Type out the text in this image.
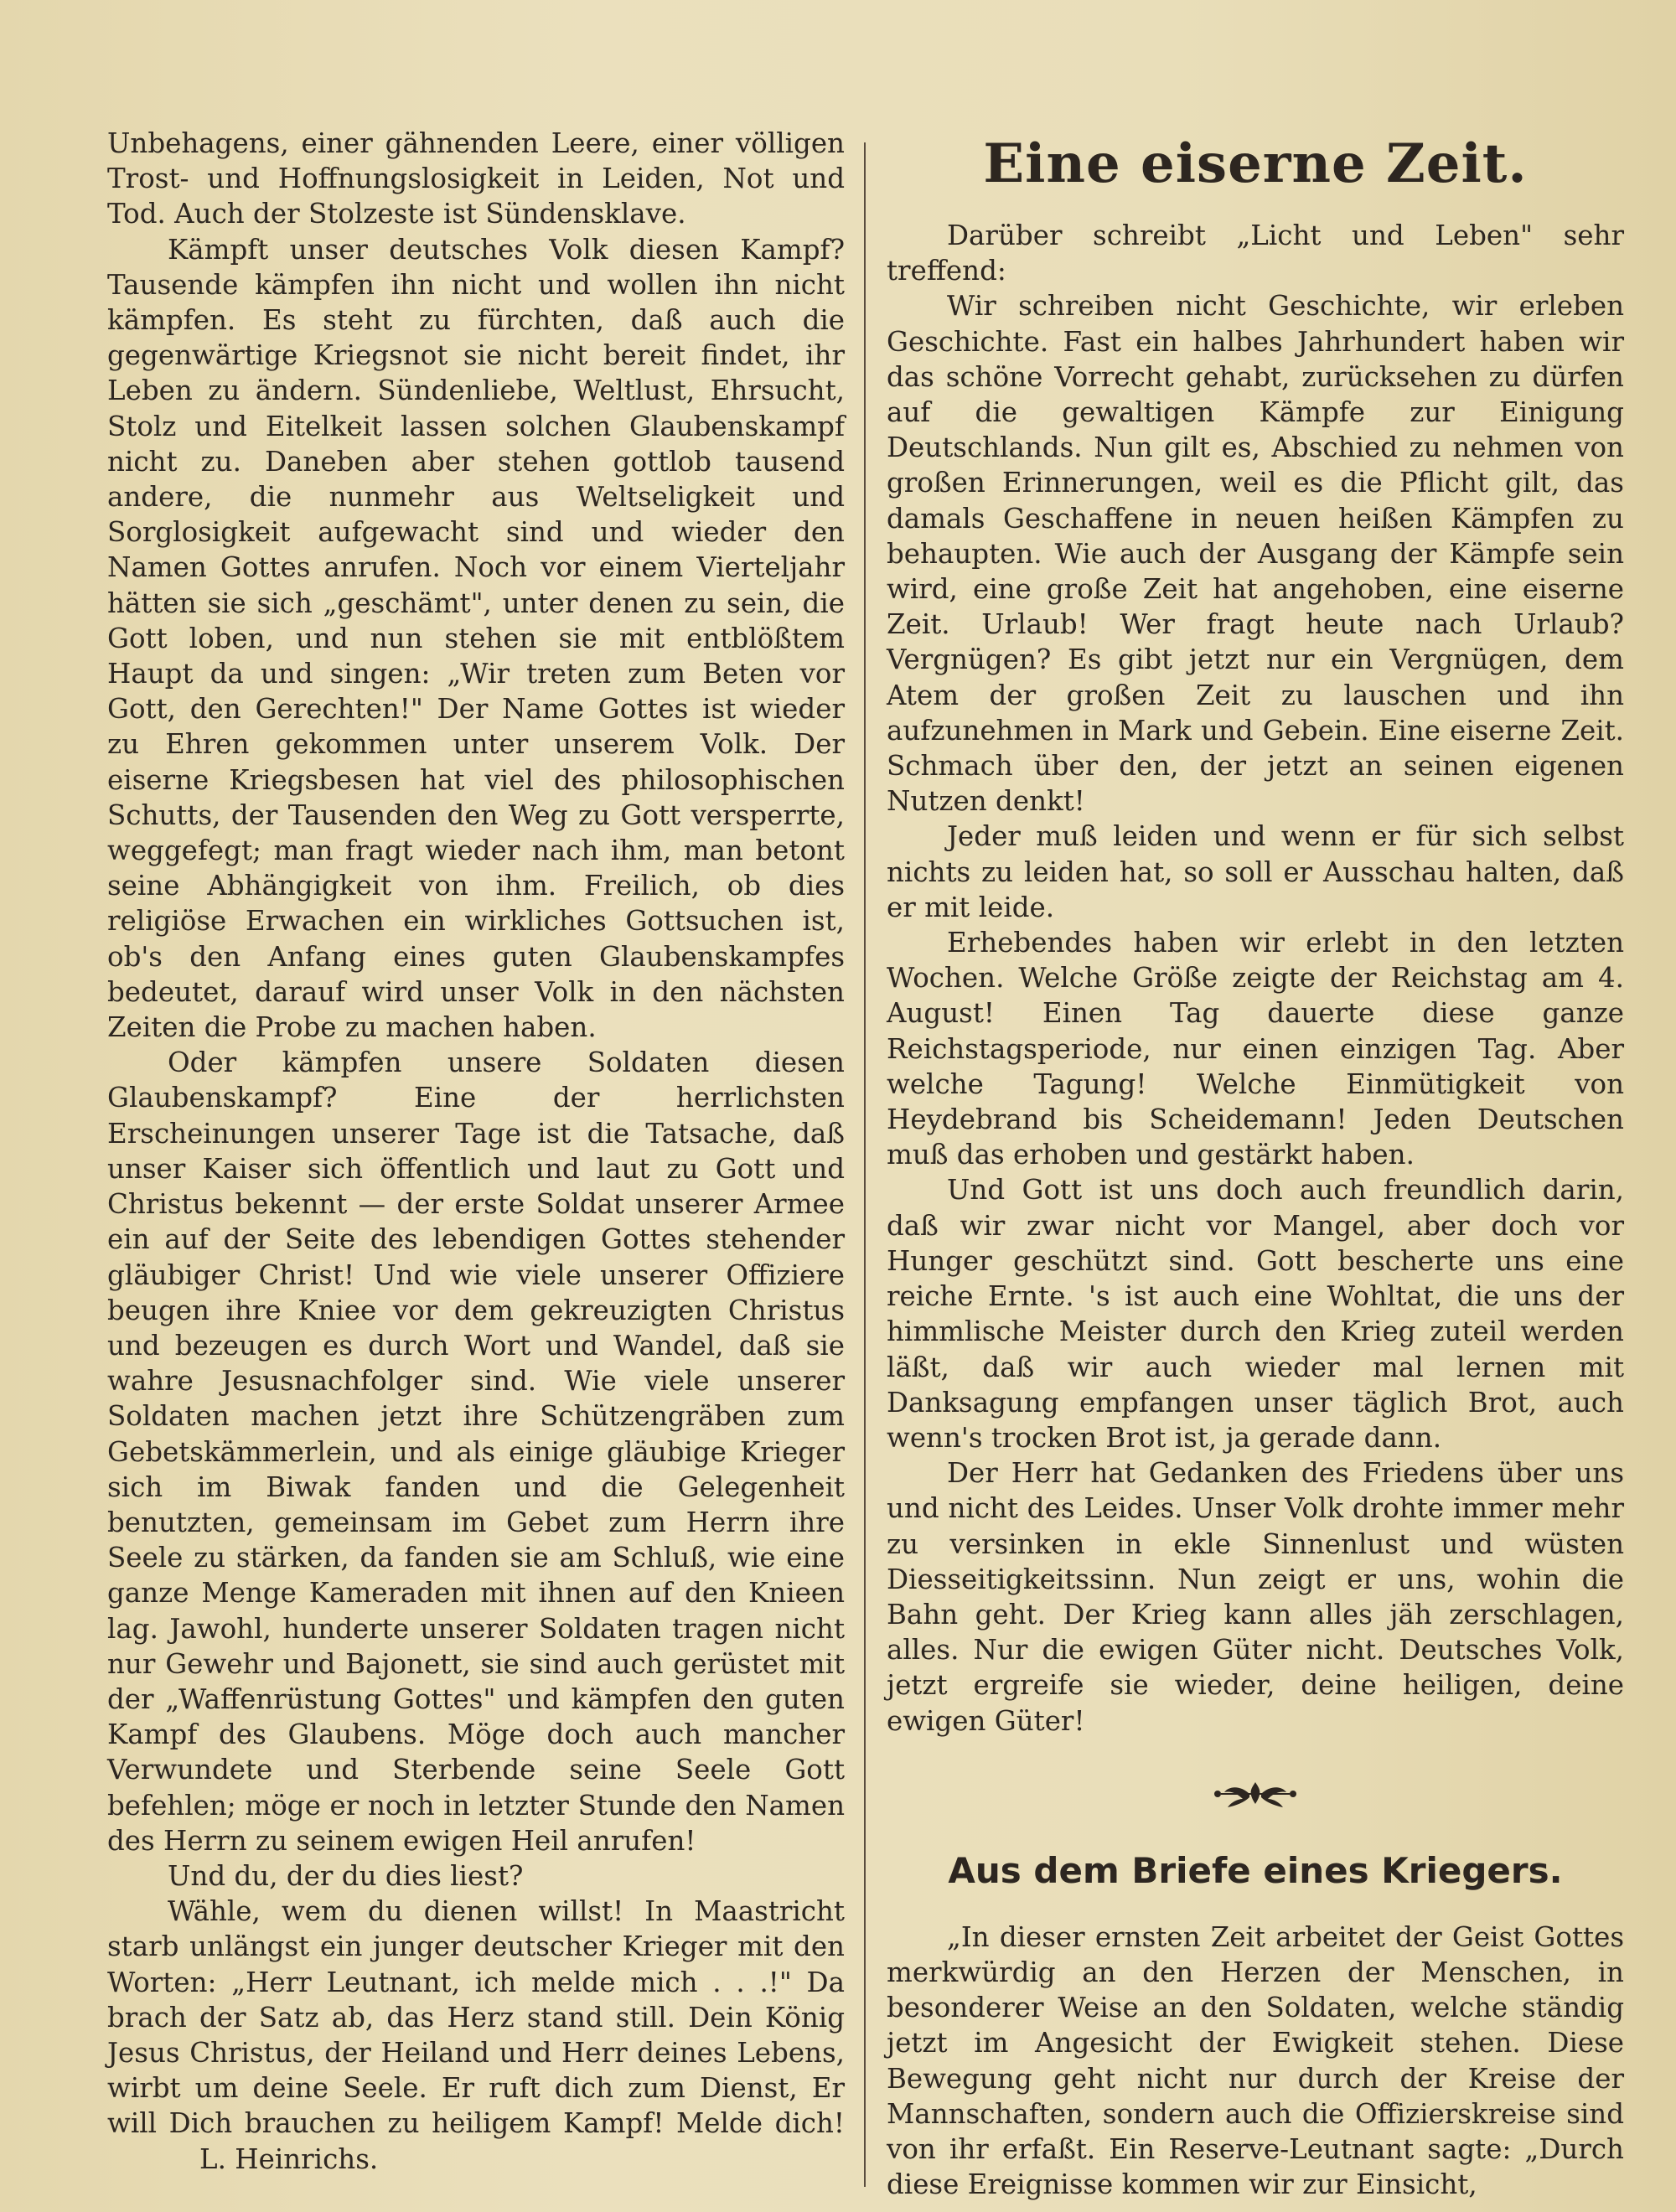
Unbehagens, einer gähnenden Leere, einer völligen Trost- und Hoffnungslosigkeit in Leiden, Not und Tod. Auch der Stolzeste ist Sündensklave.

Kämpft unser deutsches Volk diesen Kampf? Tausende kämpfen ihn nicht und wollen ihn nicht kämpfen. Es steht zu fürchten, daß auch die gegenwärtige Kriegsnot sie nicht bereit findet, ihr Leben zu ändern. Sündenliebe, Weltlust, Ehrsucht, Stolz und Eitelkeit lassen solchen Glaubenskampf nicht zu. Daneben aber stehen gottlob tausend andere, die nunmehr aus Weltseligkeit und Sorglosigkeit aufgewacht sind und wieder den Namen Gottes anrufen. Noch vor einem Vierteljahr hätten sie sich „geschämt", unter denen zu sein, die Gott loben, und nun stehen sie mit entblößtem Haupt da und singen: „Wir treten zum Beten vor Gott, den Gerechten!" Der Name Gottes ist wieder zu Ehren gekommen unter unserem Volk. Der eiserne Kriegsbesen hat viel des philosophischen Schutts, der Tausenden den Weg zu Gott versperrte, weggefegt; man fragt wieder nach ihm, man betont seine Abhängigkeit von ihm. Freilich, ob dies religiöse Erwachen ein wirkliches Gottsuchen ist, ob's den Anfang eines guten Glaubenskampfes bedeutet, darauf wird unser Volk in den nächsten Zeiten die Probe zu machen haben.

Oder kämpfen unsere Soldaten diesen Glaubenskampf? Eine der herrlichsten Erscheinungen unserer Tage ist die Tatsache, daß unser Kaiser sich öffentlich und laut zu Gott und Christus bekennt — der erste Soldat unserer Armee ein auf der Seite des lebendigen Gottes stehender gläubiger Christ! Und wie viele unserer Offiziere beugen ihre Kniee vor dem gekreuzigten Christus und bezeugen es durch Wort und Wandel, daß sie wahre Jesusnachfolger sind. Wie viele unserer Soldaten machen jetzt ihre Schützengräben zum Gebetskämmerlein, und als einige gläubige Krieger sich im Biwak fanden und die Gelegenheit benutzten, gemeinsam im Gebet zum Herrn ihre Seele zu stärken, da fanden sie am Schluß, wie eine ganze Menge Kameraden mit ihnen auf den Knieen lag. Jawohl, hunderte unserer Soldaten tragen nicht nur Gewehr und Bajonett, sie sind auch gerüstet mit der „Waffenrüstung Gottes" und kämpfen den guten Kampf des Glaubens. Möge doch auch mancher Verwundete und Sterbende seine Seele Gott befehlen; möge er noch in letzter Stunde den Namen des Herrn zu seinem ewigen Heil anrufen!

Und du, der du dies liest?

Wähle, wem du dienen willst! In Maastricht starb unlängst ein junger deutscher Krieger mit den Worten: „Herr Leutnant, ich melde mich . . .!" Da brach der Satz ab, das Herz stand still. Dein König Jesus Christus, der Heiland und Herr deines Lebens, wirbt um deine Seele. Er ruft dich zum Dienst, Er will Dich brauchen zu heiligem Kampf! Melde dich!L. Heinrichs.

Eine eiserne Zeit.

Darüber schreibt „Licht und Leben" sehr treffend:

Wir schreiben nicht Geschichte, wir erleben Geschichte. Fast ein halbes Jahrhundert haben wir das schöne Vorrecht gehabt, zurücksehen zu dürfen auf die gewaltigen Kämpfe zur Einigung Deutschlands. Nun gilt es, Abschied zu nehmen von großen Erinnerungen, weil es die Pflicht gilt, das damals Geschaffene in neuen heißen Kämpfen zu behaupten. Wie auch der Ausgang der Kämpfe sein wird, eine große Zeit hat angehoben, eine eiserne Zeit. Urlaub! Wer fragt heute nach Urlaub? Vergnügen? Es gibt jetzt nur ein Vergnügen, dem Atem der großen Zeit zu lauschen und ihn aufzunehmen in Mark und Gebein. Eine eiserne Zeit. Schmach über den, der jetzt an seinen eigenen Nutzen denkt!

Jeder muß leiden und wenn er für sich selbst nichts zu leiden hat, so soll er Ausschau halten, daß er mit leide.

Erhebendes haben wir erlebt in den letzten Wochen. Welche Größe zeigte der Reichstag am 4. August! Einen Tag dauerte diese ganze Reichstagsperiode, nur einen einzigen Tag. Aber welche Tagung! Welche Einmütigkeit von Heydebrand bis Scheidemann! Jeden Deutschen muß das erhoben und gestärkt haben.

Und Gott ist uns doch auch freundlich darin, daß wir zwar nicht vor Mangel, aber doch vor Hunger geschützt sind. Gott bescherte uns eine reiche Ernte. 's ist auch eine Wohltat, die uns der himmlische Meister durch den Krieg zuteil werden läßt, daß wir auch wieder mal lernen mit Danksagung empfangen unser täglich Brot, auch wenn's trocken Brot ist, ja gerade dann.

Der Herr hat Gedanken des Friedens über uns und nicht des Leides. Unser Volk drohte immer mehr zu versinken in ekle Sinnenlust und wüsten Diesseitigkeitssinn. Nun zeigt er uns, wohin die Bahn geht. Der Krieg kann alles jäh zerschlagen, alles. Nur die ewigen Güter nicht. Deutsches Volk, jetzt ergreife sie wieder, deine heiligen, deine ewigen Güter!

Aus dem Briefe eines Kriegers.

„In dieser ernsten Zeit arbeitet der Geist Gottes merkwürdig an den Herzen der Menschen, in besonderer Weise an den Soldaten, welche ständig jetzt im Angesicht der Ewigkeit stehen. Diese Bewegung geht nicht nur durch der Kreise der Mannschaften, sondern auch die Offizierskreise sind von ihr erfaßt. Ein Reserve-Leutnant sagte: „Durch diese Ereignisse kommen wir zur Einsicht,
